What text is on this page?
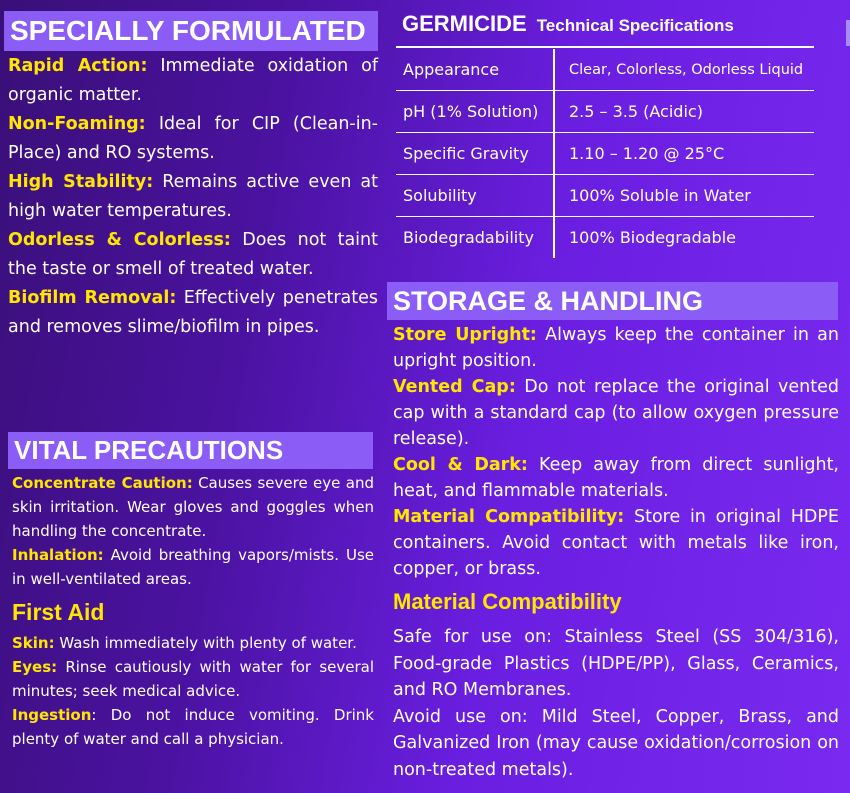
SPECIALLY FORMULATED

Rapid Action: Immediate oxidation of organic matter.

Non-Foaming: Ideal for CIP (Clean-in-Place) and RO systems.

High Stability: Remains active even at high water temperatures.

Odorless & Colorless: Does not taint the taste or smell of treated water.

Biofilm Removal: Effectively penetrates and removes slime/biofilm in pipes.

GERMICIDE Technical Specifications
Appearance	Clear, Colorless, Odorless Liquid
pH (1% Solution)	2.5 – 3.5 (Acidic)
Specific Gravity	1.10 – 1.20 @ 25°C
Solubility	100% Soluble in Water
Biodegradability	100% Biodegradable
VITAL PRECAUTIONS

Concentrate Caution: Causes severe eye and skin irritation. Wear gloves and goggles when handling the concentrate.

Inhalation: Avoid breathing vapors/mists. Use in well-ventilated areas.

First Aid

Skin: Wash immediately with plenty of water.

Eyes: Rinse cautiously with water for several minutes; seek medical advice.

Ingestion: Do not induce vomiting. Drink plenty of water and call a physician.

STORAGE & HANDLING

Store Upright: Always keep the container in an upright position.

Vented Cap: Do not replace the original vented cap with a standard cap (to allow oxygen pressure release).

Cool & Dark: Keep away from direct sunlight, heat, and flammable materials.

Material Compatibility: Store in original HDPE containers. Avoid contact with metals like iron, copper, or brass.

Material Compatibility

Safe for use on: Stainless Steel (SS 304/316), Food-grade Plastics (HDPE/PP), Glass, Ceramics, and RO Membranes.

Avoid use on: Mild Steel, Copper, Brass, and Galvanized Iron (may cause oxidation/corrosion on non-treated metals).
